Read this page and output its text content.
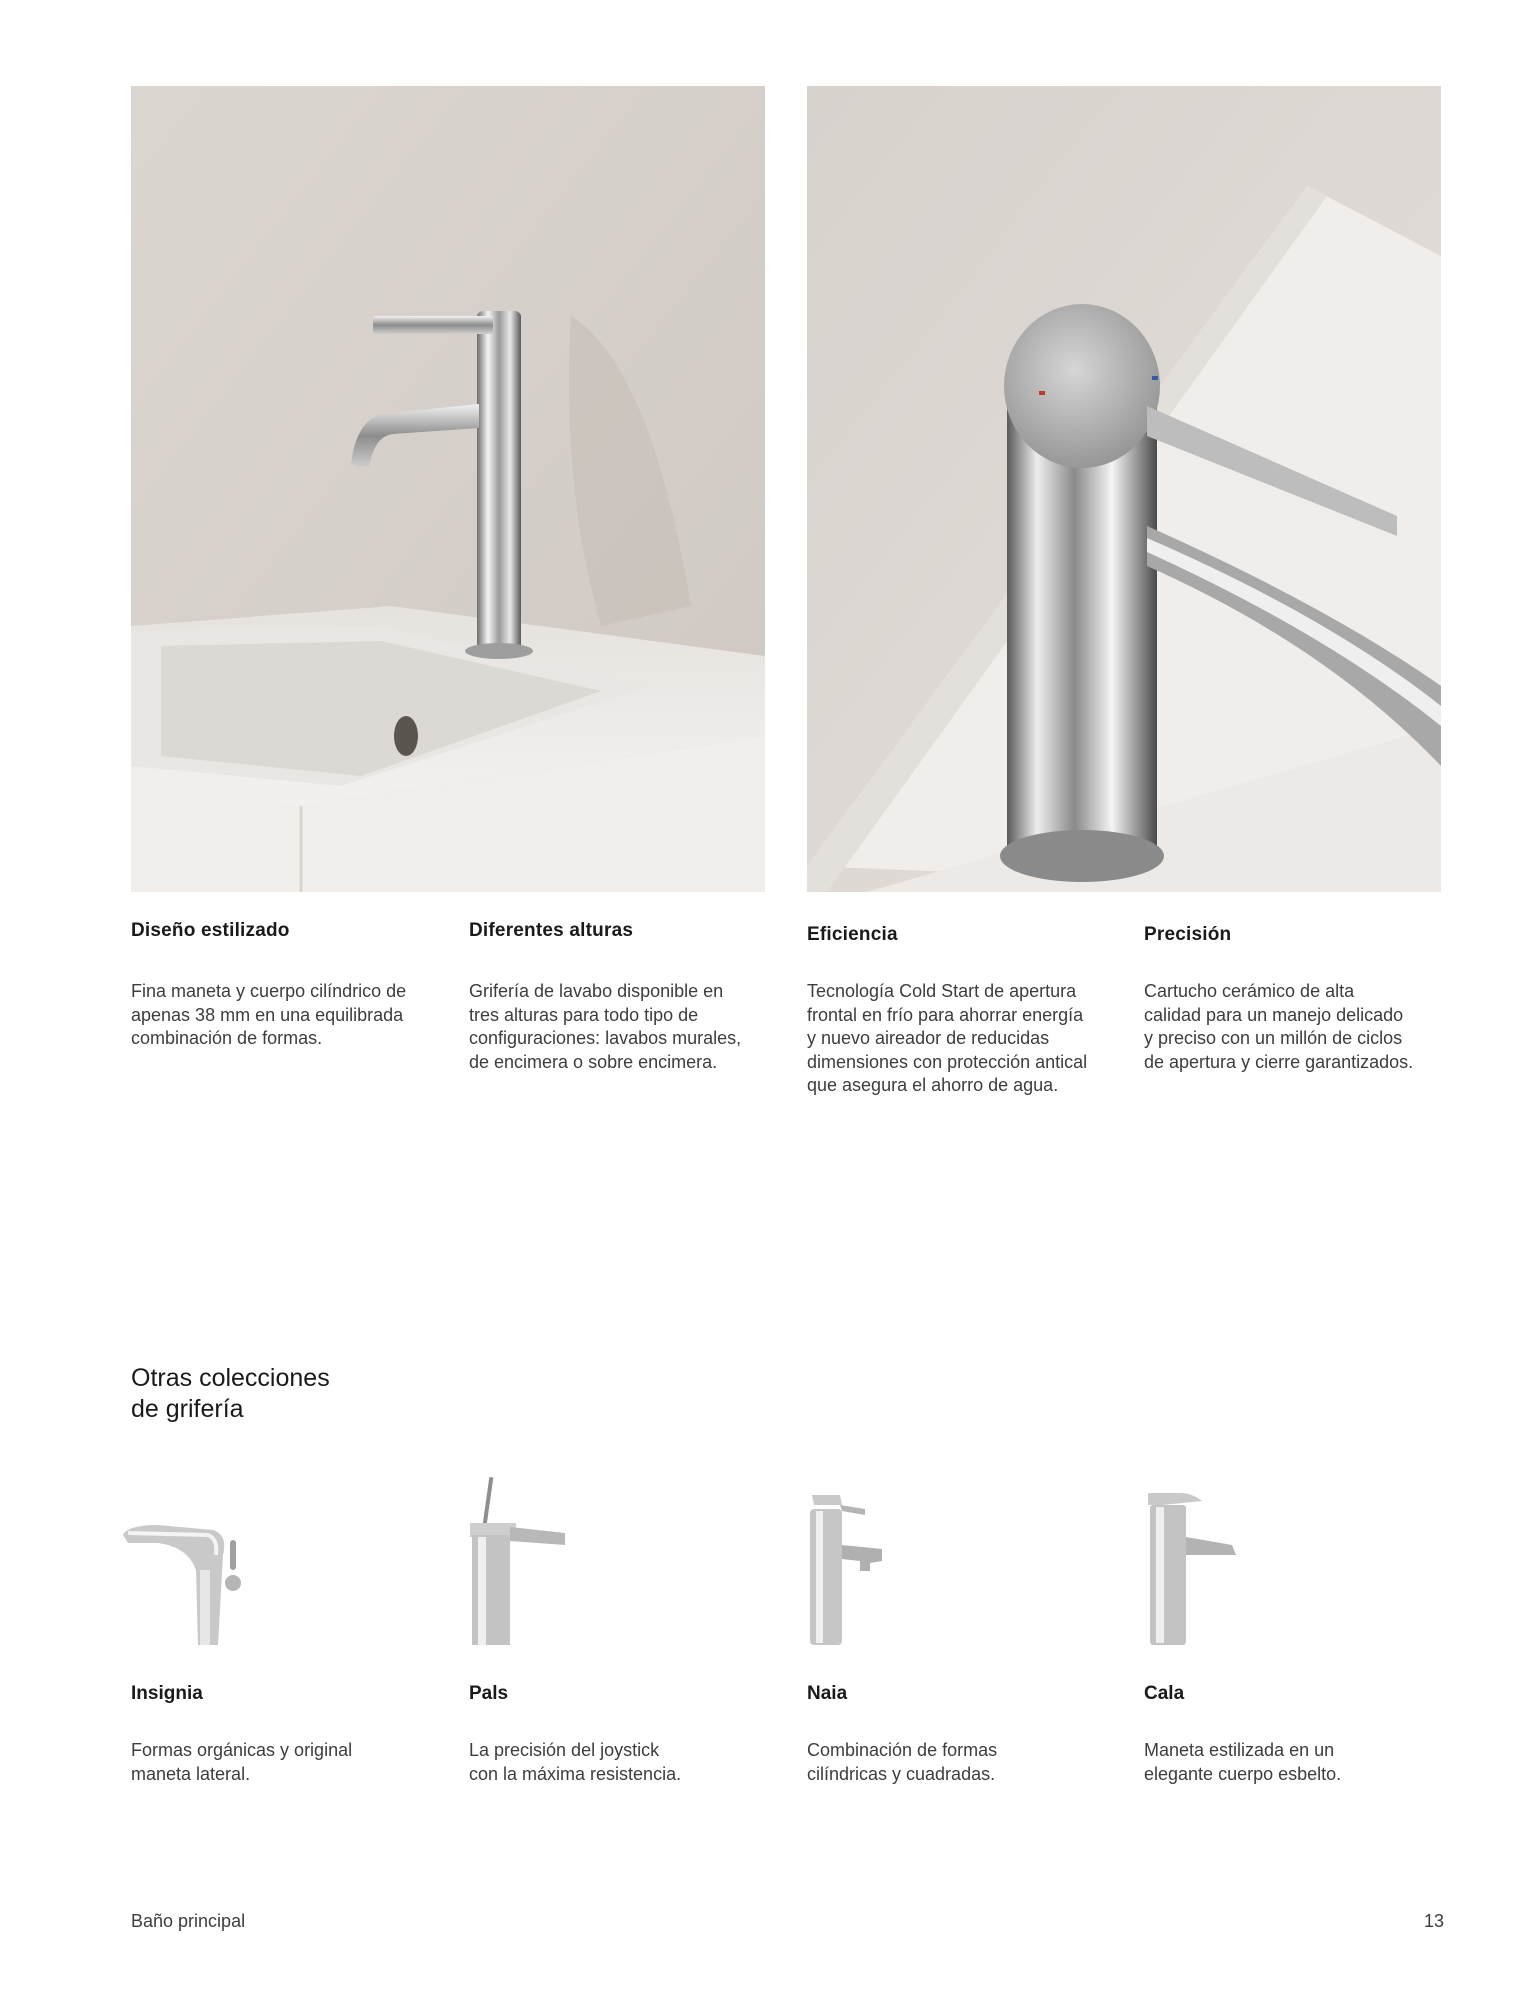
Diseño estilizado
Fina maneta y cuerpo cilíndrico de
apenas 38 mm en una equilibrada
combinación de formas.
Diferentes alturas
Grifería de lavabo disponible en
tres alturas para todo tipo de
configuraciones: lavabos murales,
de encimera o sobre encimera.
Eficiencia
Tecnología Cold Start de apertura
frontal en frío para ahorrar energía
y nuevo aireador de reducidas
dimensiones con protección antical
que asegura el ahorro de agua.
Precisión
Cartucho cerámico de alta
calidad para un manejo delicado
y preciso con un millón de ciclos
de apertura y cierre garantizados.
Otras colecciones
de grifería
Insignia
Formas orgánicas y original
maneta lateral.
Pals
La precisión del joystick
con la máxima resistencia.
Naia
Combinación de formas
cilíndricas y cuadradas.
Cala
Maneta estilizada en un
elegante cuerpo esbelto.
Baño principal	13
